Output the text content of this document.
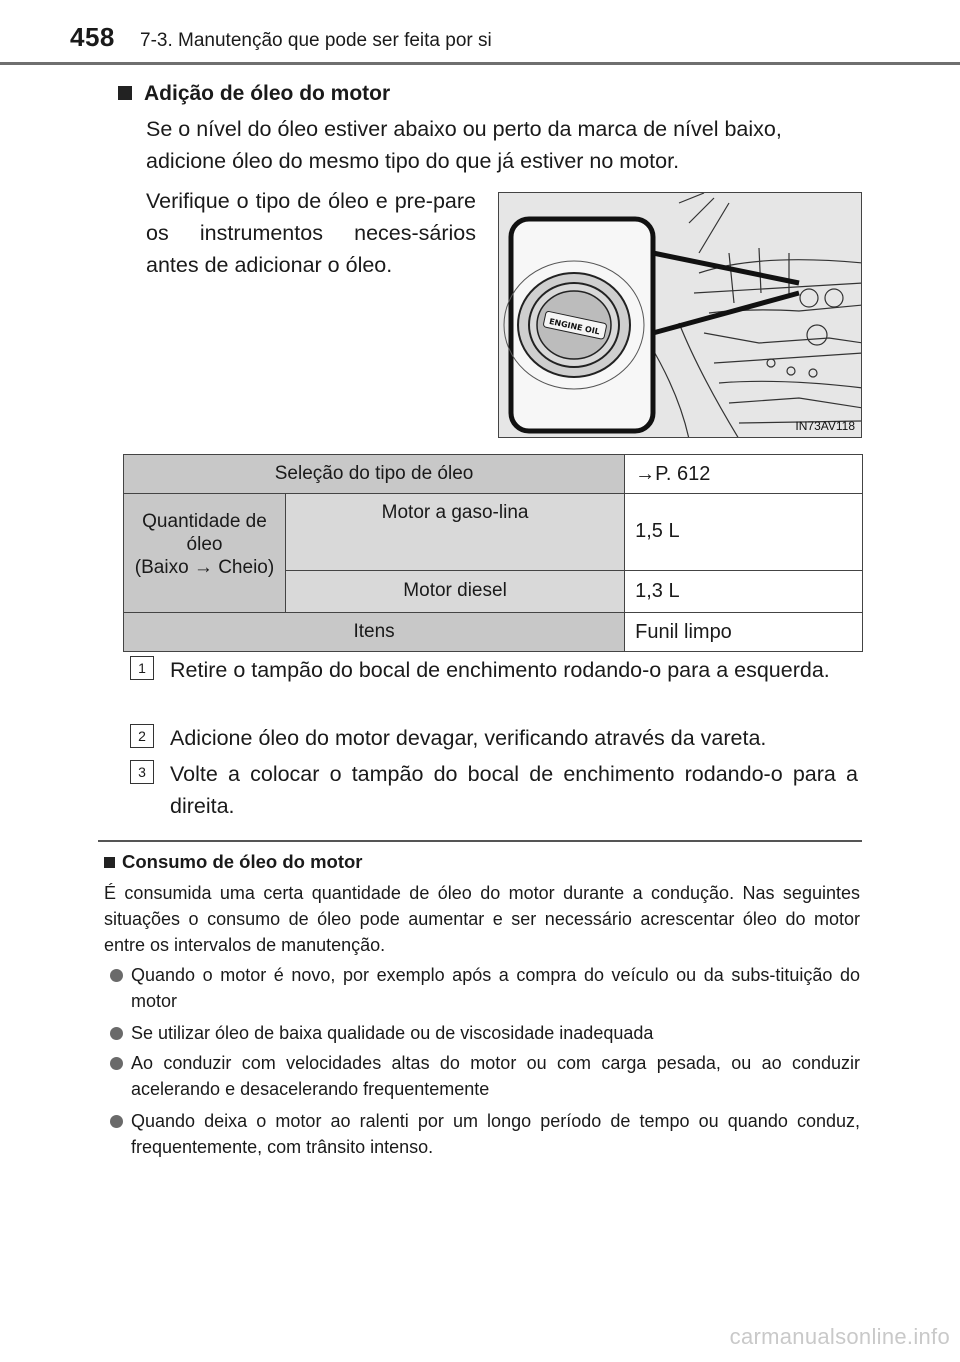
458 7-3. Manutenção que pode ser feita por si
Adição de óleo do motor
Se o nível do óleo estiver abaixo ou perto da marca de nível baixo, adicione óleo do mesmo tipo do que já estiver no motor.
Verifique o tipo de óleo e pre-pare os instrumentos neces-sários antes de adicionar o óleo.
ENGINE OIL
IN73AV118
Seleção do tipo de óleo		→P. 612

Quantidade de
óleo
(Baixo → Cheio)	Motor a gaso-lina	1,5 L
	Motor diesel	1,3 L
Itens		Funil limpo
1	Retire o tampão do bocal de enchimento rodando-o para a esquerda.
2	Adicione óleo do motor devagar, verificando através da vareta.
3	Volte a colocar o tampão do bocal de enchimento rodando-o para a direita.
Consumo de óleo do motor
É consumida uma certa quantidade de óleo do motor durante a condução. Nas seguintes situações o consumo de óleo pode aumentar e ser necessário acrescentar óleo do motor entre os intervalos de manutenção.
Quando o motor é novo, por exemplo após a compra do veículo ou da subs-tituição do motor
Se utilizar óleo de baixa qualidade ou de viscosidade inadequada
Ao conduzir com velocidades altas do motor ou com carga pesada, ou ao conduzir acelerando e desacelerando frequentemente
Quando deixa o motor ao ralenti por um longo período de tempo ou quando conduz, frequentemente, com trânsito intenso.
carmanualsonline.info
